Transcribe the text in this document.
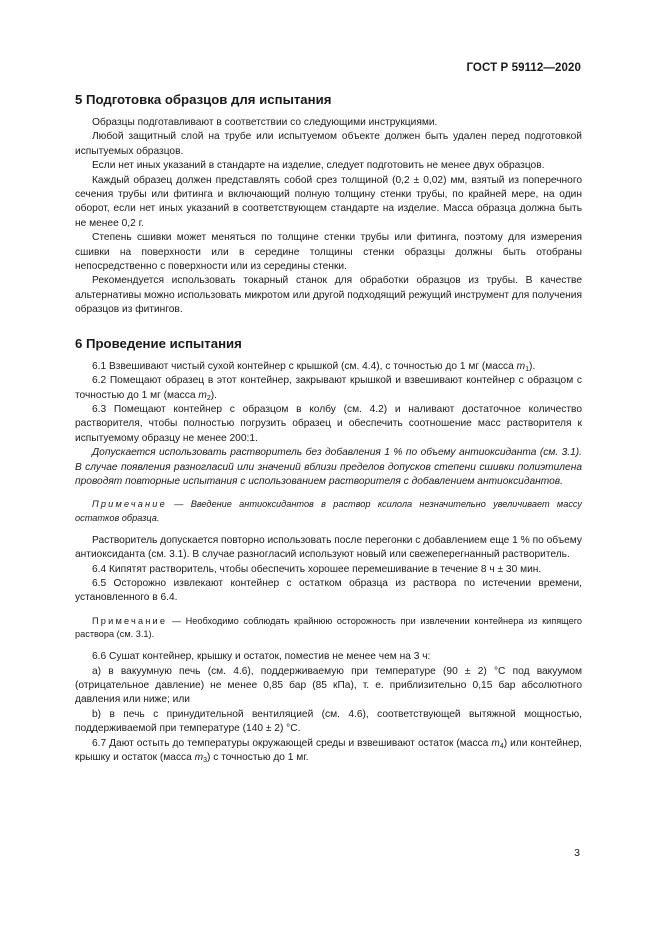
ГОСТ Р 59112—2020
5 Подготовка образцов для испытания

Образцы подготавливают в соответствии со следующими инструкциями.

Любой защитный слой на трубе или испытуемом объекте должен быть удален перед подготовкой испытуемых образцов.

Если нет иных указаний в стандарте на изделие, следует подготовить не менее двух образцов.

Каждый образец должен представлять собой срез толщиной (0,2 ± 0,02) мм, взятый из поперечного сечения трубы или фитинга и включающий полную толщину стенки трубы, по крайней мере, на один оборот, если нет иных указаний в соответствующем стандарте на изделие. Масса образца должна быть не менее 0,2 г.

Степень сшивки может меняться по толщине стенки трубы или фитинга, поэтому для измерения сшивки на поверхности или в середине толщины стенки образцы должны быть отобраны непосредственно с поверхности или из середины стенки.

Рекомендуется использовать токарный станок для обработки образцов из трубы. В качестве альтернативы можно использовать микротом или другой подходящий режущий инструмент для получения образцов из фитингов.

6 Проведение испытания

6.1 Взвешивают чистый сухой контейнер с крышкой (см. 4.4), с точностью до 1 мг (масса $m_1$).

6.2 Помещают образец в этот контейнер, закрывают крышкой и взвешивают контейнер с образцом с точностью до 1 мг (масса $m_2$).

6.3 Помещают контейнер с образцом в колбу (см. 4.2) и наливают достаточное количество растворителя, чтобы полностью погрузить образец и обеспечить соотношение масс растворителя к испытуемому образцу не менее 200:1.

Допускается использовать растворитель без добавления 1 % по объему антиоксиданта (см. 3.1). В случае появления разногласий или значений вблизи пределов допусков степени сшивки полиэтилена проводят повторные испытания с использованием растворителя с добавлением антиоксидантов.

Примечание — Введение антиоксидантов в раствор ксилола незначительно увеличивает массу остатков образца.

Растворитель допускается повторно использовать после перегонки с добавлением еще 1 % по объему антиоксиданта (см. 3.1). В случае разногласий используют новый или свежеперегнанный растворитель.

6.4 Кипятят растворитель, чтобы обеспечить хорошее перемешивание в течение 8 ч ± 30 мин.

6.5 Осторожно извлекают контейнер с остатком образца из раствора по истечении времени, установленного в 6.4.

Примечание — Необходимо соблюдать крайнюю осторожность при извлечении контейнера из кипящего раствора (см. 3.1).

6.6 Сушат контейнер, крышку и остаток, поместив не менее чем на 3 ч:

а) в вакуумную печь (см. 4.6), поддерживаемую при температуре (90 ± 2) °С под вакуумом (отрицательное давление) не менее 0,85 бар (85 кПа), т. е. приблизительно 0,15 бар абсолютного давления или ниже; или

b) в печь с принудительной вентиляцией (см. 4.6), соответствующей вытяжной мощностью, поддерживаемой при температуре (140 ± 2) °С.

6.7 Дают остыть до температуры окружающей среды и взвешивают остаток (масса $m_4$) или контейнер, крышку и остаток (масса $m_3$) с точностью до 1 мг.

3
